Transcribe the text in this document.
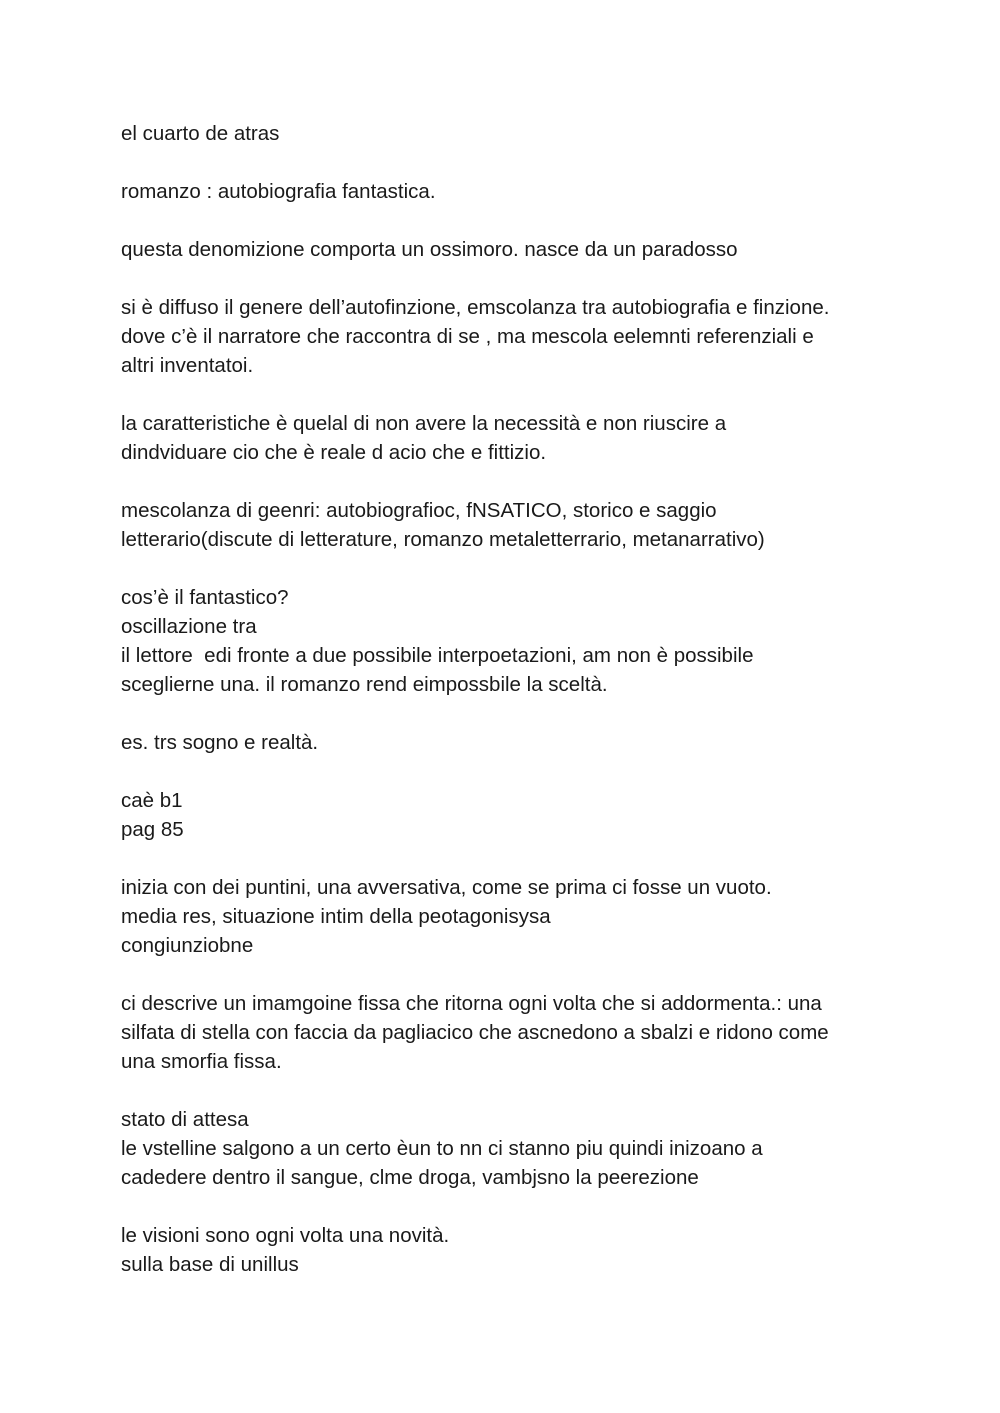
el cuarto de atras
romanzo : autobiografia fantastica.
questa denomizione comporta un ossimoro. nasce da un paradosso
si è diffuso il genere dell’autofinzione, emscolanza tra autobiografia e finzione.
dove c’è il narratore che raccontra di se , ma mescola eelemnti referenziali e
altri inventatoi.
la caratteristiche è quelal di non avere la necessità e non riuscire a
dindviduare cio che è reale d acio che e fittizio.
mescolanza di geenri: autobiografioc, fNSATICO, storico e saggio
letterario(discute di letterature, romanzo metaletterrario, metanarrativo)
cos’è il fantastico?
oscillazione tra
il lettore  edi fronte a due possibile interpoetazioni, am non è possibile
sceglierne una. il romanzo rend eimpossbile la sceltà.
es. trs sogno e realtà.
caè b1
pag 85
inizia con dei puntini, una avversativa, come se prima ci fosse un vuoto.
media res, situazione intim della peotagonisysa
congiunziobne
ci descrive un imamgoine fissa che ritorna ogni volta che si addormenta.: una
silfata di stella con faccia da pagliacico che ascnedono a sbalzi e ridono come
una smorfia fissa.
stato di attesa
le vstelline salgono a un certo èun to nn ci stanno piu quindi inizoano a
cadedere dentro il sangue, clme droga, vambjsno la peerezione
le visioni sono ogni volta una novità.
sulla base di unillus
